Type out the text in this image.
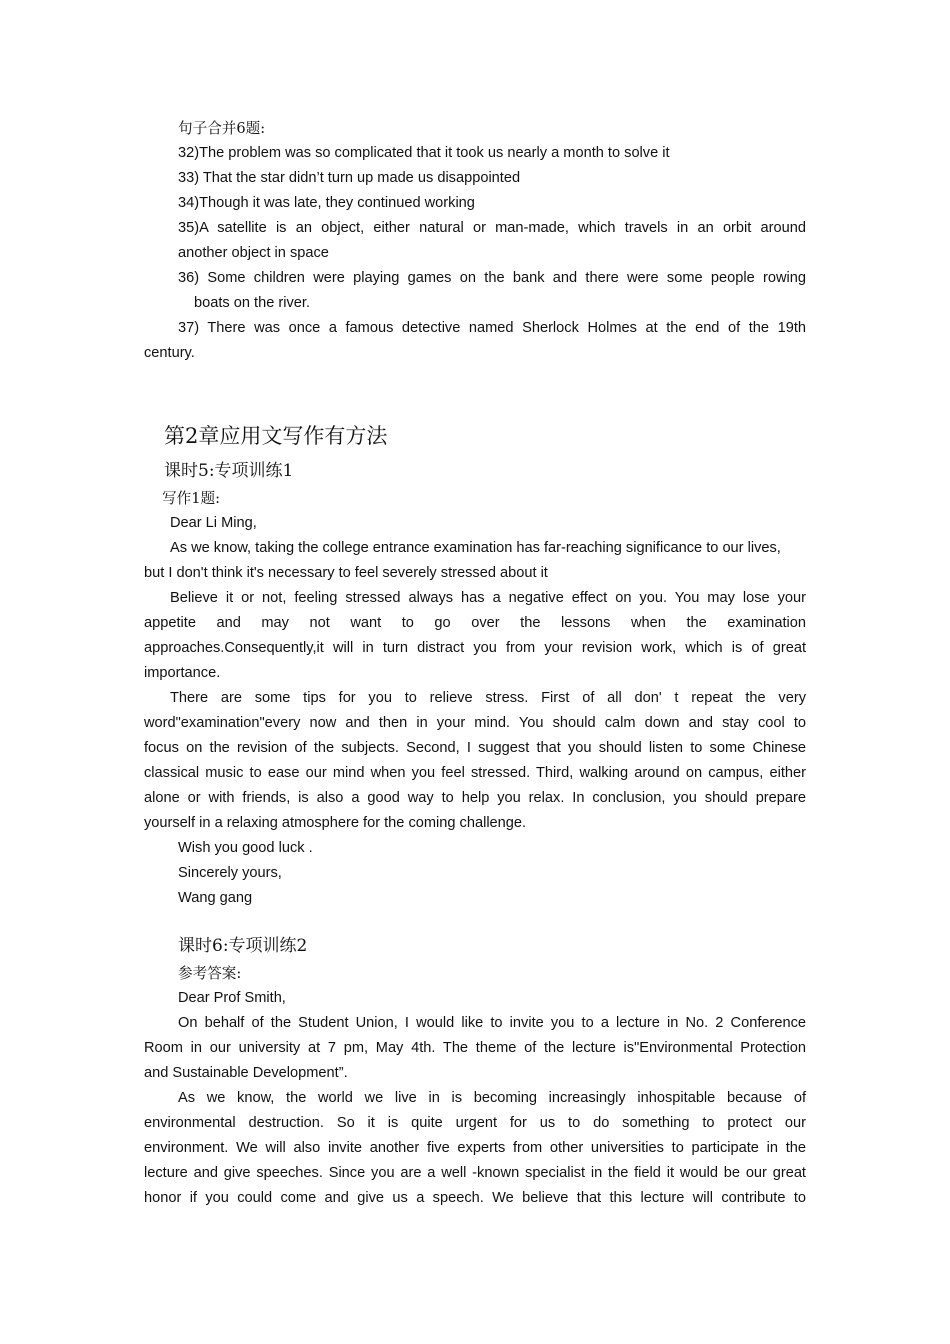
句子合并6题:
32)The problem was so complicated that it took us nearly a month to solve it
33) That the star didn’t turn up made us disappointed
34)Though it was late, they continued working
35)A satellite is an object, either natural or man-made, which travels in an orbit around
another object in space
36) Some children were playing games on the bank and there were some people rowing
boats on the river.
37) There was once a famous detective named Sherlock Holmes at the end of the 19th
century.
第2章应用文写作有方法
课时5:专项训练1
写作1题:
Dear Li Ming,
As we know, taking the college entrance examination has far-reaching significance to our lives,
but I don't think it's necessary to feel severely stressed about it
Believe it or not, feeling stressed always has a negative effect on you. You may lose your
appetite and may not want to go over the lessons when the examination
approaches.Consequently,it will in turn distract you from your revision work, which is of great
importance.
There are some tips for you to relieve stress. First of all don' t repeat the very
word"examination"every now and then in your mind. You should calm down and stay cool to
focus on the revision of the subjects. Second, I suggest that you should listen to some Chinese
classical music to ease our mind when you feel stressed. Third, walking around on campus, either
alone or with friends, is also a good way to help you relax. In conclusion, you should prepare
yourself in a relaxing atmosphere for the coming challenge.
Wish you good luck .
Sincerely yours,
Wang gang
课时6:专项训练2
参考答案:
Dear Prof Smith,
On behalf of the Student Union, I would like to invite you to a lecture in No. 2 Conference
Room in our university at 7 pm, May 4th. The theme of the lecture is"Environmental Protection
and Sustainable Development”.
As we know, the world we live in is becoming increasingly inhospitable because of
environmental destruction. So it is quite urgent for us to do something to protect our
environment. We will also invite another five experts from other universities to participate in the
lecture and give speeches. Since you are a well -known specialist in the field it would be our great
honor if you could come and give us a speech. We believe that this lecture will contribute to
